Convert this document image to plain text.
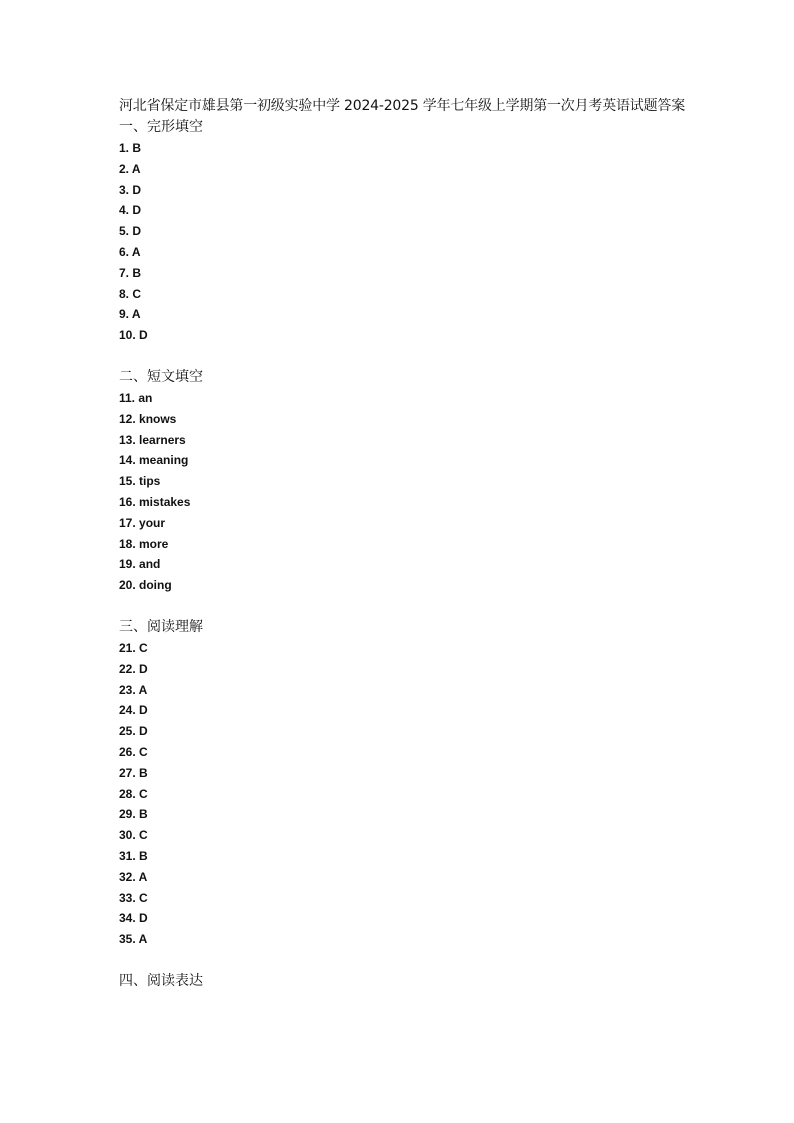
河北省保定市雄县第一初级实验中学 2024-2025 学年七年级上学期第一次月考英语试题答案
一、完形填空
1. B
2. A
3. D
4. D
5. D
6. A
7. B
8. C
9. A
10. D
二、短文填空
11. an
12. knows
13. learners
14. meaning
15. tips
16. mistakes
17. your
18. more
19. and
20. doing
三、阅读理解
21. C
22. D
23. A
24. D
25. D
26. C
27. B
28. C
29. B
30. C
31. B
32. A
33. C
34. D
35. A
四、阅读表达
